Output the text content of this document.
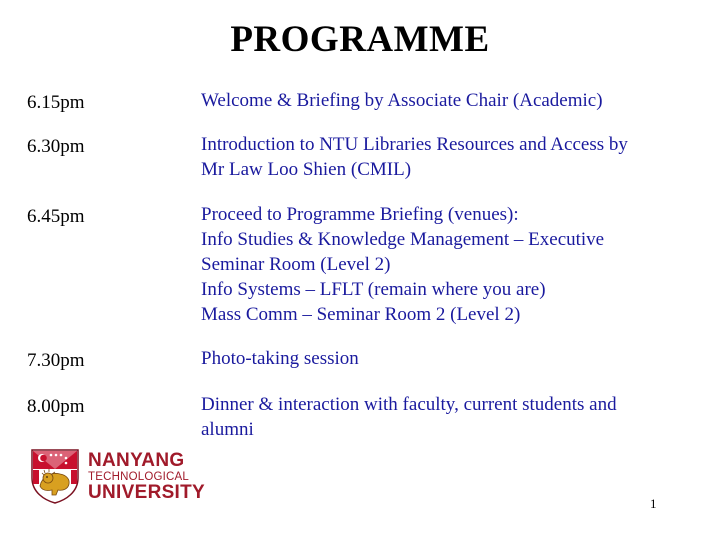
PROGRAMME
6.15pm	Welcome & Briefing by Associate Chair (Academic)
6.30pm	Introduction to NTU Libraries Resources and Access by
Mr Law Loo Shien (CMIL)
6.45pm	Proceed to Programme Briefing (venues):
Info Studies & Knowledge Management – Executive
Seminar Room (Level 2)
Info Systems – LFLT (remain where you are)
Mass Comm – Seminar Room 2 (Level 2)
7.30pm	Photo-taking session
8.00pm	Dinner & interaction with faculty, current students and
alumni
NANYANG
TECHNOLOGICAL
UNIVERSITY
1
